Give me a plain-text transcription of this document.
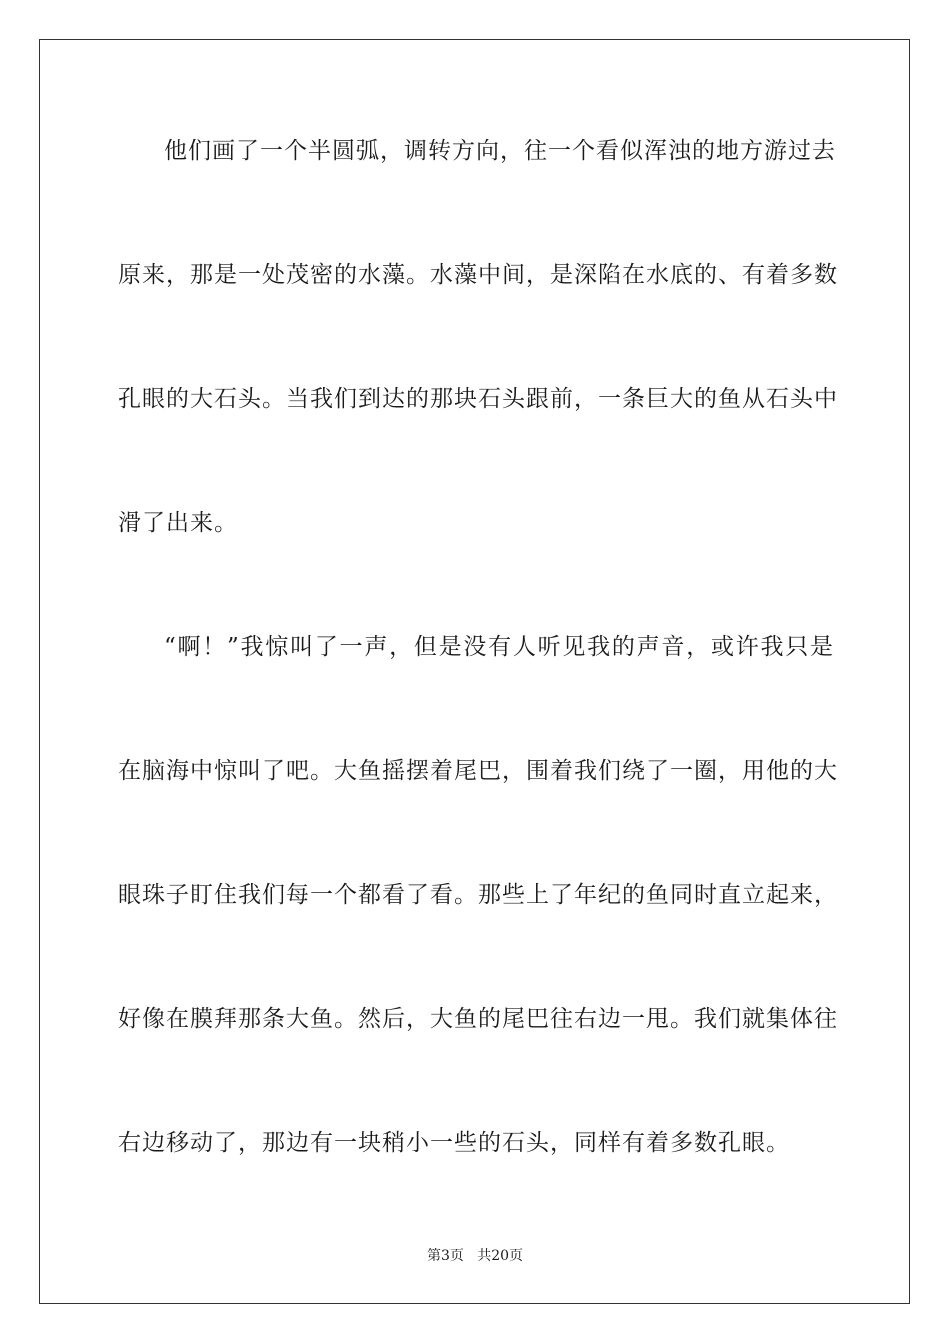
他们画了一个半圆弧，调转方向，往一个看似浑浊的地方游过去
原来，那是一处茂密的水藻。水藻中间，是深陷在水底的、有着多数
孔眼的大石头。当我们到达的那块石头跟前，一条巨大的鱼从石头中
滑了出来。
“啊！”我惊叫了一声，但是没有人听见我的声音，或许我只是
在脑海中惊叫了吧。大鱼摇摆着尾巴，围着我们绕了一圈，用他的大
眼珠子盯住我们每一个都看了看。那些上了年纪的鱼同时直立起来，
好像在膜拜那条大鱼。然后，大鱼的尾巴往右边一甩。我们就集体往
右边移动了，那边有一块稍小一些的石头，同样有着多数孔眼。
第3页   共20页
